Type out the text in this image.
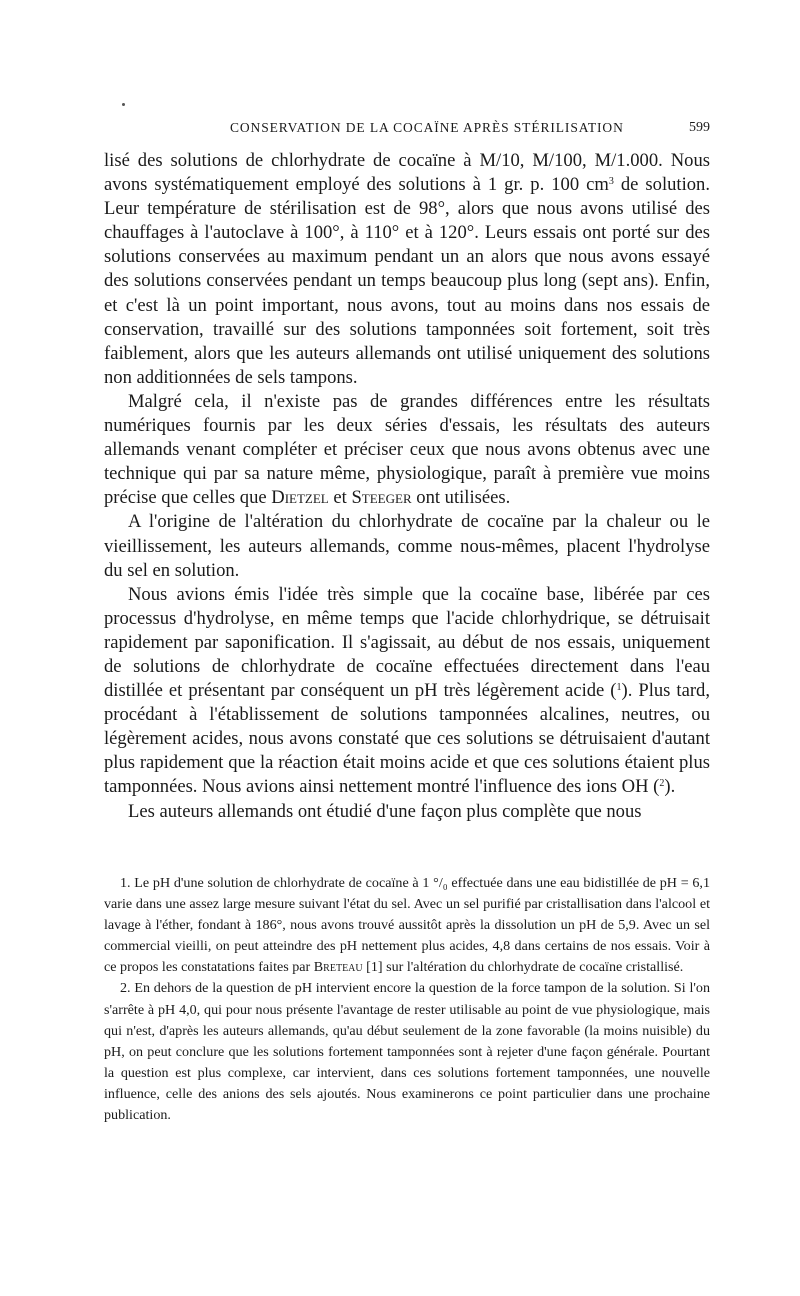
CONSERVATION DE LA COCAÏNE APRÈS STÉRILISATION	599

lisé des solutions de chlorhydrate de cocaïne à M/10, M/100, M/1.000. Nous avons systématiquement employé des solutions à 1 gr. p. 100 $cm^3$ de solution. Leur température de stérilisation est de 98°, alors que nous avons utilisé des chauffages à l'autoclave à 100°, à 110° et à 120°. Leurs essais ont porté sur des solutions conservées au maximum pendant un an alors que nous avons essayé des solutions conservées pendant un temps beaucoup plus long (sept ans). Enfin, et c'est là un point important, nous avons, tout au moins dans nos essais de conservation, travaillé sur des solutions tamponnées soit fortement, soit très faiblement, alors que les auteurs allemands ont utilisé uniquement des solutions non additionnées de sels tampons.

Malgré cela, il n'existe pas de grandes différences entre les résultats numériques fournis par les deux séries d'essais, les résultats des auteurs allemands venant compléter et préciser ceux que nous avons obtenus avec une technique qui par sa nature même, physiologique, paraît à première vue moins précise que celles que Dietzel et Steeger ont utilisées.

A l'origine de l'altération du chlorhydrate de cocaïne par la chaleur ou le vieillissement, les auteurs allemands, comme nous-mêmes, placent l'hydrolyse du sel en solution.

Nous avions émis l'idée très simple que la cocaïne base, libérée par ces processus d'hydrolyse, en même temps que l'acide chlorhydrique, se détruisait rapidement par saponification. Il s'agissait, au début de nos essais, uniquement de solutions de chlorhydrate de cocaïne effectuées directement dans l'eau distillée et présentant par conséquent un pH très légèrement acide ($^1$). Plus tard, procédant à l'établissement de solutions tamponnées alcalines, neutres, ou légèrement acides, nous avons constaté que ces solutions se détruisaient d'autant plus rapidement que la réaction était moins acide et que ces solutions étaient plus tamponnées. Nous avions ainsi nettement montré l'influence des ions OH ($^2$).

Les auteurs allemands ont étudié d'une façon plus complète que nous

1. Le pH d'une solution de chlorhydrate de cocaïne à 1 °/₀ effectuée dans une eau bidistillée de pH = 6,1 varie dans une assez large mesure suivant l'état du sel. Avec un sel purifié par cristallisation dans l'alcool et lavage à l'éther, fondant à 186°, nous avons trouvé aussitôt après la dissolution un pH de 5,9. Avec un sel commercial vieilli, on peut atteindre des pH nettement plus acides, 4,8 dans certains de nos essais. Voir à ce propos les constatations faites par Breteau [1] sur l'altération du chlorhydrate de cocaïne cristallisé.

2. En dehors de la question de pH intervient encore la question de la force tampon de la solution. Si l'on s'arrête à pH 4,0, qui pour nous présente l'avantage de rester utilisable au point de vue physiologique, mais qui n'est, d'après les auteurs allemands, qu'au début seulement de la zone favorable (la moins nuisible) du pH, on peut conclure que les solutions fortement tamponnées sont à rejeter d'une façon générale. Pourtant la question est plus complexe, car intervient, dans ces solutions fortement tamponnées, une nouvelle influence, celle des anions des sels ajoutés. Nous examinerons ce point particulier dans une prochaine publication.
